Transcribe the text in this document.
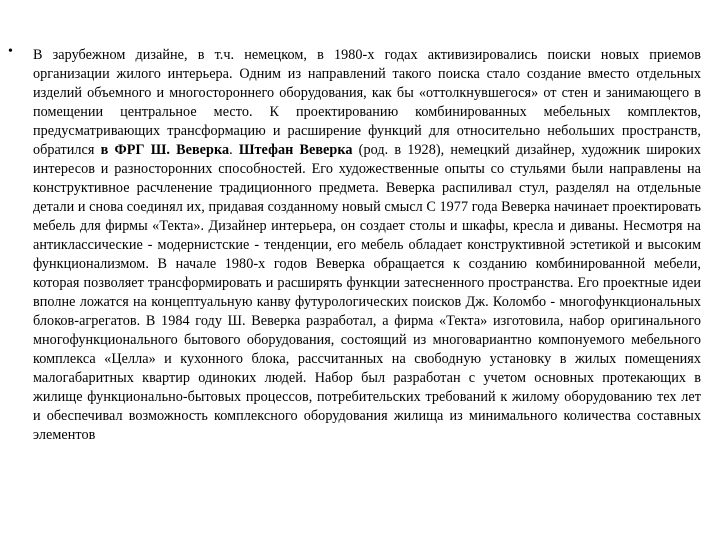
• В зарубежном дизайне, в т.ч. немецком, в 1980-х годах активизировались поиски новых приемов организации жилого интерьера. Одним из направлений такого поиска стало создание вместо отдельных изделий объемного и многостороннего оборудования, как бы «оттолкнувшегося» от стен и занимающего в помещении центральное место. К проектированию комбинированных мебельных комплектов, предусматривающих трансформацию и расширение функций для относительно небольших пространств, обратился в ФРГ Ш. Веверка. Штефан Веверка (род. в 1928), немецкий дизайнер, художник широких интересов и разносторонних способностей. Его художественные опыты со стульями были направлены на конструктивное расчленение традиционного предмета. Веверка распиливал стул, разделял на отдельные детали и снова соединял их, придавая созданному новый смысл С 1977 года Веверка начинает проектировать мебель для фирмы «Текта». Дизайнер интерьера, он создает столы и шкафы, кресла и диваны. Несмотря на антиклассические - модернистские - тенденции, его мебель обладает конструктивной эстетикой и высоким функционализмом. В начале 1980-х годов Веверка обращается к созданию комбинированной мебели, которая позволяет трансформировать и расширять функции затесненного пространства. Его проектные идеи вполне ложатся на концептуальную канву футурологических поисков Дж. Коломбо - многофункциональных блоков-агрегатов. В 1984 году Ш. Веверка разработал, а фирма «Текта» изготовила, набор оригинального многофункционального бытового оборудования, состоящий из многовариантно компонуемого мебельного комплекса «Целла» и кухонного блока, рассчитанных на свободную установку в жилых помещениях малогабаритных квартир одиноких людей. Набор был разработан с учетом основных протекающих в жилище функционально-бытовых процессов, потребительских требований к жилому оборудованию тех лет и обеспечивал возможность комплексного оборудования жилища из минимального количества составных элементов
